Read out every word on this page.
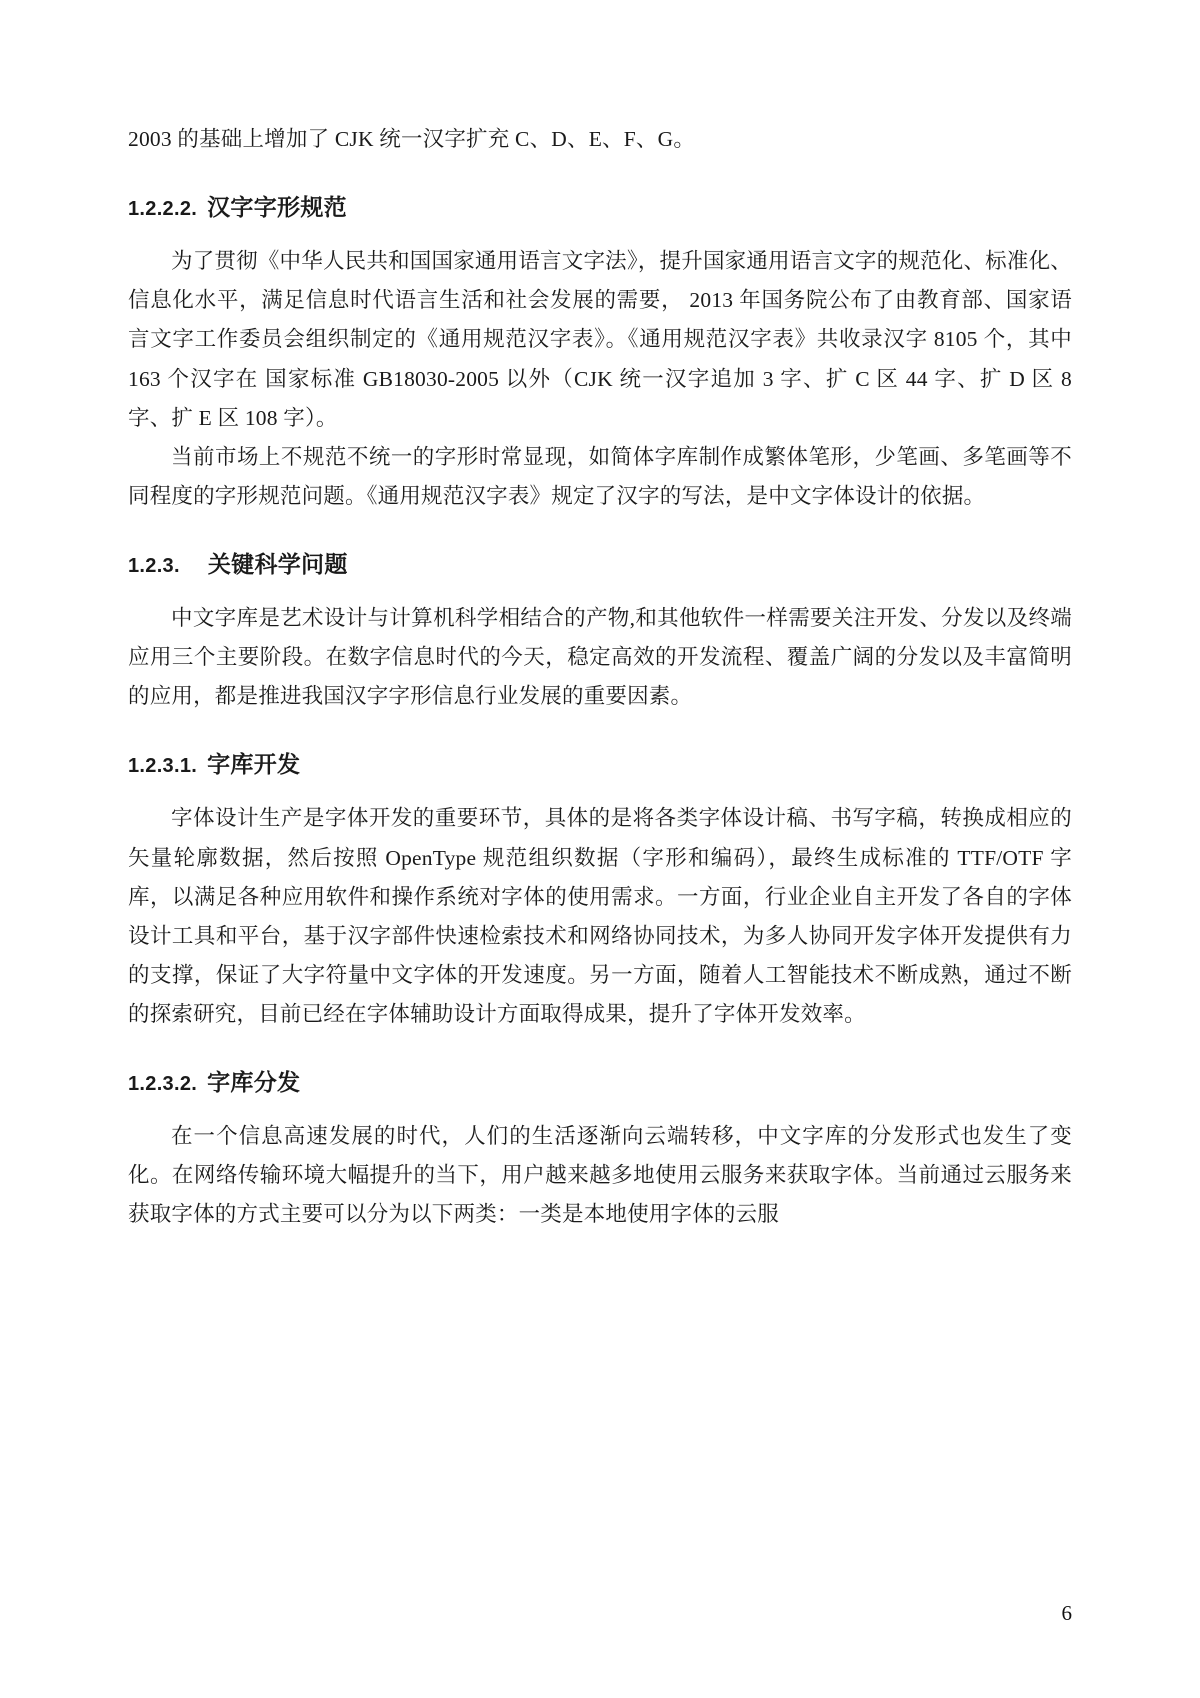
2003 的基础上增加了 CJK 统一汉字扩充 C、D、E、F、G。

1.2.2.2. 汉字字形规范

为了贯彻《中华人民共和国国家通用语言文字法》，提升国家通用语言文字的规范化、标准化、信息化水平，满足信息时代语言生活和社会发展的需要， 2013 年国务院公布了由教育部、国家语言文字工作委员会组织制定的《通用规范汉字表》。《通用规范汉字表》共收录汉字 8105 个，其中 163 个汉字在 国家标准 GB18030-2005 以外（CJK 统一汉字追加 3 字、扩 C 区 44 字、扩 D 区 8 字、扩 E 区 108 字）。

当前市场上不规范不统一的字形时常显现，如简体字库制作成繁体笔形，少笔画、多笔画等不同程度的字形规范问题。《通用规范汉字表》规定了汉字的写法，是中文字体设计的依据。

1.2.3. 关键科学问题

中文字库是艺术设计与计算机科学相结合的产物,和其他软件一样需要关注开发、分发以及终端应用三个主要阶段。在数字信息时代的今天，稳定高效的开发流程、覆盖广阔的分发以及丰富简明的应用，都是推进我国汉字字形信息行业发展的重要因素。

1.2.3.1. 字库开发

字体设计生产是字体开发的重要环节，具体的是将各类字体设计稿、书写字稿，转换成相应的矢量轮廓数据，然后按照 OpenType 规范组织数据（字形和编码），最终生成标准的 TTF/OTF 字库，以满足各种应用软件和操作系统对字体的使用需求。一方面，行业企业自主开发了各自的字体设计工具和平台，基于汉字部件快速检索技术和网络协同技术，为多人协同开发字体开发提供有力的支撑，保证了大字符量中文字体的开发速度。另一方面，随着人工智能技术不断成熟，通过不断的探索研究，目前已经在字体辅助设计方面取得成果，提升了字体开发效率。

1.2.3.2. 字库分发

在一个信息高速发展的时代，人们的生活逐渐向云端转移，中文字库的分发形式也发生了变化。在网络传输环境大幅提升的当下，用户越来越多地使用云服务来获取字体。当前通过云服务来获取字体的方式主要可以分为以下两类：一类是本地使用字体的云服

6
